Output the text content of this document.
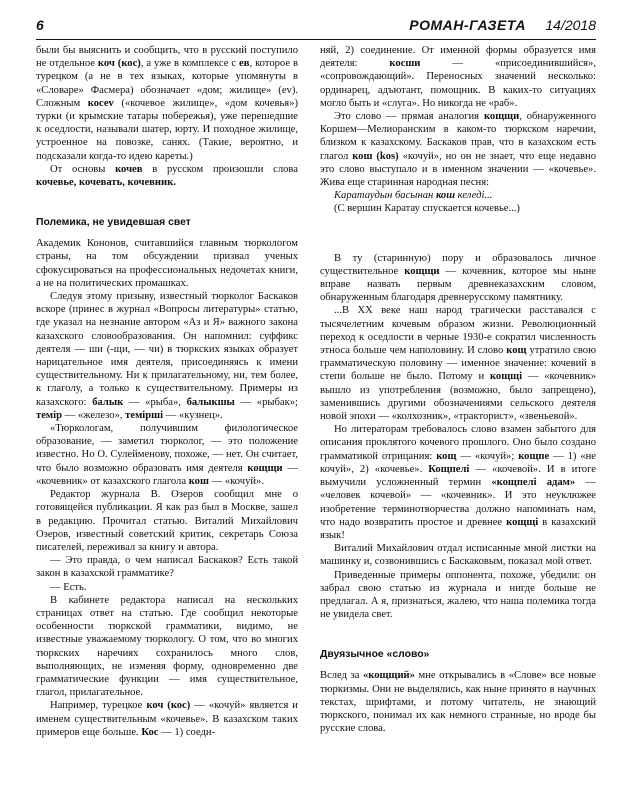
6	РОМАН-ГАЗЕТА 14/2018

были бы выяснить и сообщить, что в русский поступило не отдельное коч (кос), а уже в комплексе с ев, которое в турецком (а не в тех языках, которые упомянуты в «Словаре» Фасмера) обозначает «дом; жилище» (ev). Сложным косеv («кочевое жилище», «дом кочевья») турки (и крымские татары побережья), уже перешедшие к оседлости, называли шатер, юрту. И походное жилище, устроенное на повозке, санях. (Такие, вероятно, и подсказали когда-то идею кареты.)

От основы кочев в русском произошли слова кочевье, кочевать, кочевник.

Полемика, не увидевшая свет

Академик Кононов, считавшийся главным тюркологом страны, на том обсуждении призвал ученых сфокусироваться на профессиональных недочетах книги, а не на политических промашках.

Следуя этому призыву, известный тюрколог Баскаков вскоре (принес в журнал «Вопросы литературы» статью, где указал на незнание автором «Аз и Я» важного закона казахского словообразования. Он напомнил: суффикс деятеля — ши (-щи, — чи) в тюркских языках образует нарицательное имя деятеля, присоединяясь к имени существительному. Ни к прилагательному, ни, тем более, к глаголу, а только к существительному. Примеры из казахского: балык — «рыба», балыкшы — «рыбак»; темiр — «железо», темiршi — «кузнец».

«Тюркологам, получившим филологическое образование, — заметил тюрколог, — это положение известно. Но О. Сулейменову, похоже, — нет. Он считает, что было возможно образовать имя деятеля кощщи — «кочевник» от казахского глагола кош — «кочуй».

Редактор журнала В. Озеров сообщил мне о готовящейся публикации. Я как раз был в Москве, зашел в редакцию. Прочитал статью. Виталий Михайлович Озеров, известный советский критик, секретарь Союза писателей, переживал за книгу и автора.

— Это правда, о чем написал Баскаков? Есть такой закон в казахской грамматике?

— Есть.

В кабинете редактора написал на нескольких страницах ответ на статью. Где сообщил некоторые особенности тюркской грамматики, видимо, не известные уважаемому тюркологу. О том, что во многих тюркских наречиях сохранилось много слов, выполняющих, не изменяя форму, одновременно две грамматические функции — имя существительное, глагол, прилагательное.

Например, турецкое коч (кос) — «кочуй» является и именем существительным «кочевье». В казахском таких примеров еще больше. Кос — 1) соеди-

няй, 2) соединение. От именной формы образуется имя деятеля: косши — «присоединившийся», «сопровождающий». Переносных значений несколько: ординарец, адъютант, помощник. В каких-то ситуациях могло быть и «слуга». Но никогда не «раб».

Это слово — прямая аналогия кощщи, обнаруженного Коршем—Мелиоранским в каком-то тюркском наречии, близком к казахскому. Баскаков прав, что в казахском есть глагол кош (kos) «кочуй», но он не знает, что еще недавно это слово выступало и в именном значении — «кочевье». Жива еще старинная народная песня:

Каратаудын басынан кош келеді...

(С вершин Каратау спускается кочевье...)

В ту (старинную) пору и образовалось личное существительное кощщи — кочевник, которое мы ныне вправе назвать первым древнеказахским словом, обнаруженным благодаря древнерусскому памятнику.

...В XX веке наш народ трагически расставался с тысячелетним кочевым образом жизни. Революционный переход к оседлости в черные 1930-е сократил численность этноса больше чем наполовину. И слово кощ утратило свою грамматическую половину — именное значение: кочевий в степи больше не было. Потому и кощщi — «кочевник» вышло из употребления (возможно, было запрещено), заменившись другими обозначениями сельского деятеля новой эпохи — «колхозник», «тракторист», «звеньевой».

Но литераторам требовалось слово взамен забытого для описания проклятого кочевого прошлого. Оно было создано грамматикой отрицания: кощ — «кочуй»; кощпе — 1) «не кочуй», 2) «кочевье». Кощпелi — «кочевой». И в итоге вымучили усложненный термин «кощпелi адам» — «человек кочевой» — «кочевник». И это неуклюжее изобретение терминотворчества должно напоминать нам, что надо возвратить простое и древнее кощщi в казахский язык!

Виталий Михайлович отдал исписанные мной листки на машинку и, созвонившись с Баскаковым, показал мой ответ.

Приведенные примеры оппонента, похоже, убедили: он забрал свою статью из журнала и нигде больше не предлагал. А я, признаться, жалею, что наша полемика тогда не увидела свет.

Двуязычное «слово»

Вслед за «кощщий» мне открывались в «Слове» все новые тюркизмы. Они не выделялись, как ныне принято в научных текстах, шрифтами, и потому читатель, не знающий тюркского, понимал их как немного странные, но вроде бы русские слова.
